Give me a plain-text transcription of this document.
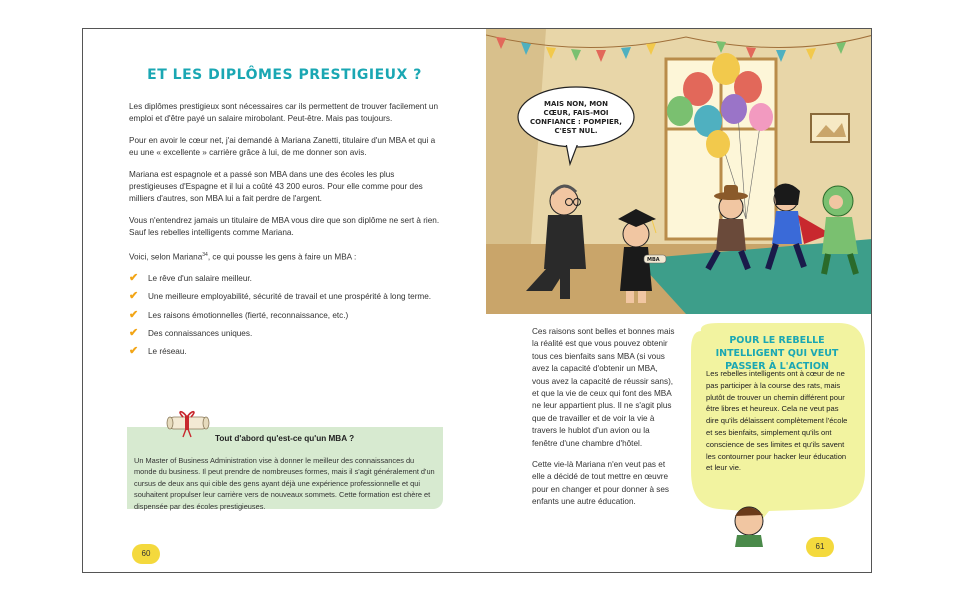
ET LES DIPLÔMES PRESTIGIEUX ?

Les diplômes prestigieux sont nécessaires car ils permettent de trouver facilement un emploi et d'être payé un salaire mirobolant. Peut-être. Mais pas toujours.

Pour en avoir le cœur net, j'ai demandé à Mariana Zanetti, titulaire d'un MBA et qui a eu une « excellente » carrière grâce à lui, de me donner son avis.

Mariana est espagnole et a passé son MBA dans une des écoles les plus prestigieuses d'Espagne et il lui a coûté 43 200 euros. Pour elle comme pour des milliers d'autres, son MBA lui a fait perdre de l'argent.

Vous n'entendrez jamais un titulaire de MBA vous dire que son diplôme ne sert à rien. Sauf les rebelles intelligents comme Mariana.

Voici, selon Mariana$^{34}$, ce qui pousse les gens à faire un MBA :

✔ Le rêve d'un salaire meilleur.
✔ Une meilleure employabilité, sécurité de travail et une prospérité à long terme.
✔ Les raisons émotionnelles (fierté, reconnaissance, etc.)
✔ Des connaissances uniques.
✔ Le réseau.
Tout d'abord qu'est-ce qu'un MBA ?
Un Master of Business Administration vise à donner le meilleur des connaissances du monde du business. Il peut prendre de nombreuses formes, mais il s'agit généralement d'un cursus de deux ans qui cible des gens ayant déjà une expérience professionnelle et qui souhaitent propulser leur carrière vers de nouveaux sommets. Cette formation est chère et dispensée par des écoles prestigieuses.
60
MBA
MAIS NON, MON CŒUR, FAIS-MOI CONFIANCE : POMPIER, C'EST NUL.

Ces raisons sont belles et bonnes mais la réalité est que vous pouvez obtenir tous ces bienfaits sans MBA (si vous avez la capacité d'obtenir un MBA, vous avez la capacité de réussir sans), et que la vie de ceux qui font des MBA ne leur appartient plus. Il ne s'agit plus que de travailler et de voir la vie à travers le hublot d'un avion ou la fenêtre d'une chambre d'hôtel.

Cette vie-là Mariana n'en veut pas et elle a décidé de tout mettre en œuvre pour en changer et pour donner à ses enfants une autre éducation.

POUR LE REBELLE INTELLIGENT QUI VEUT PASSER À L'ACTION
Les rebelles intelligents ont à cœur de ne pas participer à la course des rats, mais plutôt de trouver un chemin différent pour être libres et heureux. Cela ne veut pas dire qu'ils délaissent complètement l'école et ses bienfaits, simplement qu'ils ont conscience de ses limites et qu'ils savent les contourner pour hacker leur éducation et leur vie.
61
